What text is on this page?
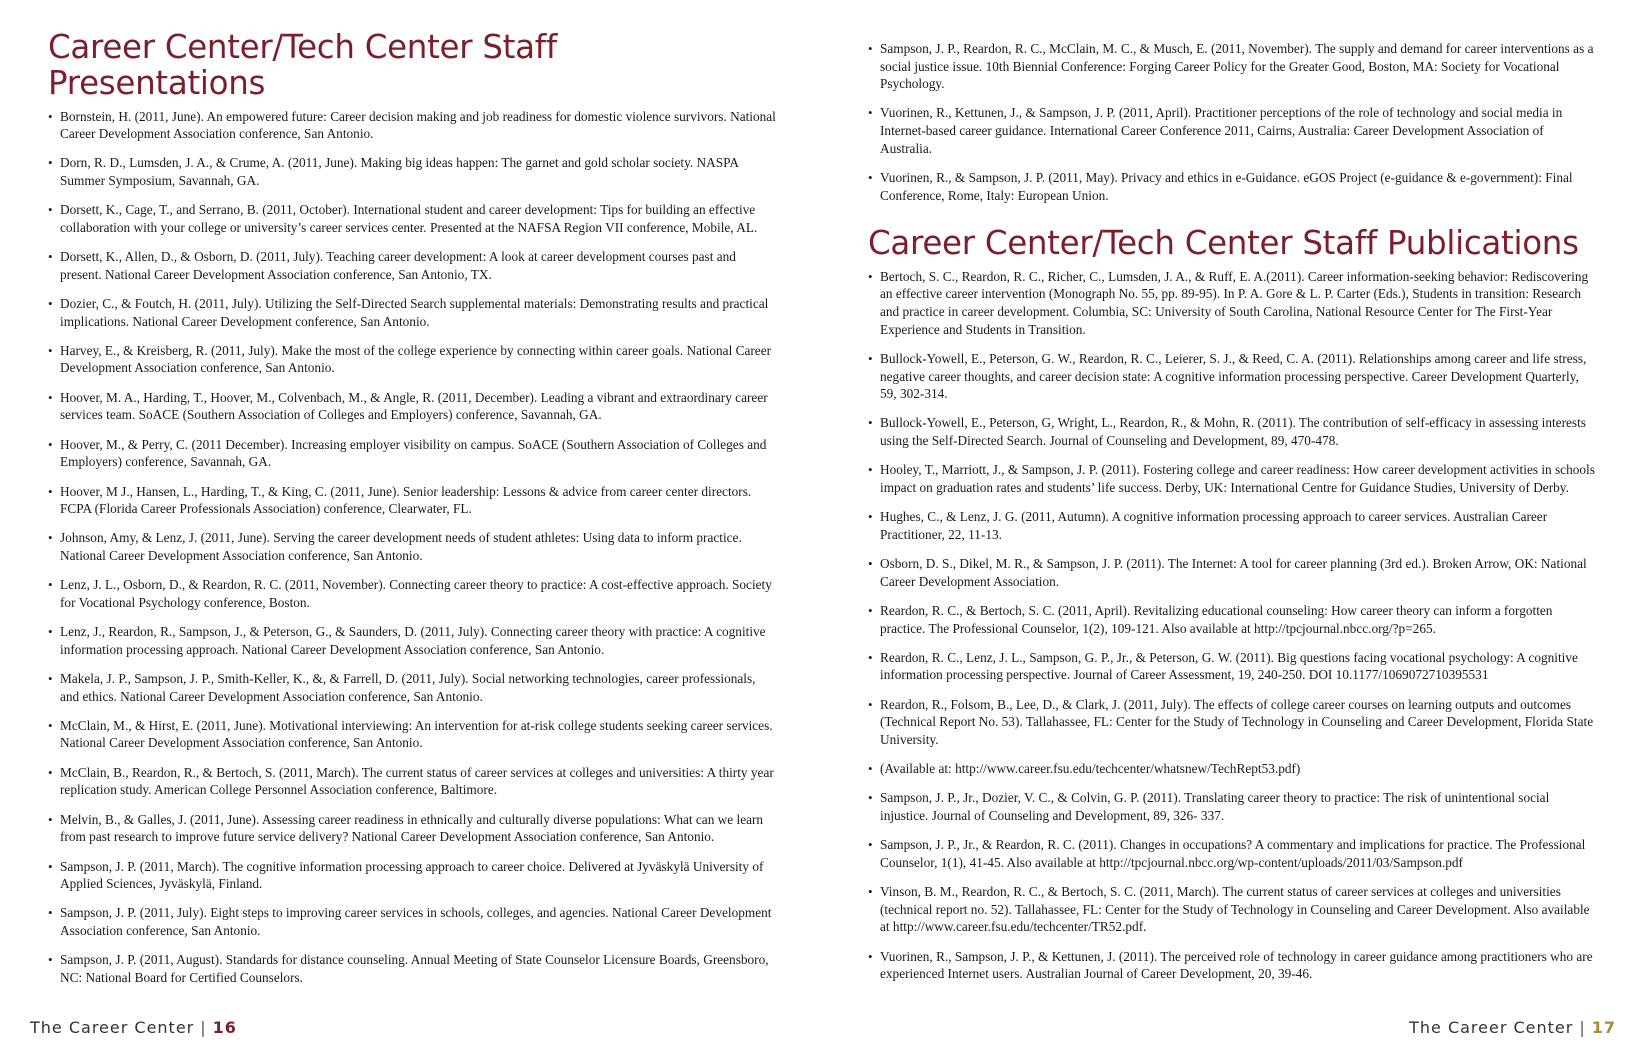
Career Center/Tech Center Staff Presentations
• Bornstein, H. (2011, June). An empowered future: Career decision making and job readiness for domestic violence survivors. National Career Development Association conference, San Antonio.
• Dorn, R. D., Lumsden, J. A., & Crume, A. (2011, June). Making big ideas happen: The garnet and gold scholar society. NASPA Summer Symposium, Savannah, GA.
• Dorsett, K., Cage, T., and Serrano, B. (2011, October). International student and career development: Tips for building an effective collaboration with your college or university’s career services center. Presented at the NAFSA Region VII conference, Mobile, AL.
• Dorsett, K., Allen, D., & Osborn, D. (2011, July). Teaching career development: A look at career development courses past and present. National Career Development Association conference, San Antonio, TX.
• Dozier, C., & Foutch, H. (2011, July). Utilizing the Self-Directed Search supplemental materials: Demonstrating results and practical implications. National Career Development conference, San Antonio.
• Harvey, E., & Kreisberg, R. (2011, July). Make the most of the college experience by connecting within career goals. National Career Development Association conference, San Antonio.
• Hoover, M. A., Harding, T., Hoover, M., Colvenbach, M., & Angle, R. (2011, December). Leading a vibrant and extraordinary career services team. SoACE (Southern Association of Colleges and Employers) conference, Savannah, GA.
• Hoover, M., & Perry, C. (2011 December). Increasing employer visibility on campus. SoACE (Southern Association of Colleges and Employers) conference, Savannah, GA.
• Hoover, M J., Hansen, L., Harding, T., & King, C. (2011, June). Senior leadership: Lessons & advice from career center directors. FCPA (Florida Career Professionals Association) conference, Clearwater, FL.
• Johnson, Amy, & Lenz, J. (2011, June). Serving the career development needs of student athletes: Using data to inform practice. National Career Development Association conference, San Antonio.
• Lenz, J. L., Osborn, D., & Reardon, R. C. (2011, November). Connecting career theory to practice: A cost-effective approach. Society for Vocational Psychology conference, Boston.
• Lenz, J., Reardon, R., Sampson, J., & Peterson, G., & Saunders, D. (2011, July). Connecting career theory with practice: A cognitive information processing approach. National Career Development Association conference, San Antonio.
• Makela, J. P., Sampson, J. P., Smith-Keller, K., &, & Farrell, D. (2011, July). Social networking technologies, career professionals, and ethics. National Career Development Association conference, San Antonio.
• McClain, M., & Hirst, E. (2011, June). Motivational interviewing: An intervention for at-risk college students seeking career services. National Career Development Association conference, San Antonio.
• McClain, B., Reardon, R., & Bertoch, S. (2011, March). The current status of career services at colleges and universities: A thirty year replication study. American College Personnel Association conference, Baltimore.
• Melvin, B., & Galles, J. (2011, June). Assessing career readiness in ethnically and culturally diverse populations: What can we learn from past research to improve future service delivery? National Career Development Association conference, San Antonio.
• Sampson, J. P. (2011, March). The cognitive information processing approach to career choice. Delivered at Jyväskylä University of Applied Sciences, Jyväskylä, Finland.
• Sampson, J. P. (2011, July). Eight steps to improving career services in schools, colleges, and agencies. National Career Development Association conference, San Antonio.
• Sampson, J. P. (2011, August). Standards for distance counseling. Annual Meeting of State Counselor Licensure Boards, Greensboro, NC: National Board for Certified Counselors.
• Sampson, J. P., Reardon, R. C., McClain, M. C., & Musch, E. (2011, November). The supply and demand for career interventions as a social justice issue. 10th Biennial Conference: Forging Career Policy for the Greater Good, Boston, MA: Society for Vocational Psychology.
• Vuorinen, R., Kettunen, J., & Sampson, J. P. (2011, April). Practitioner perceptions of the role of technology and social media in Internet-based career guidance. International Career Conference 2011, Cairns, Australia: Career Development Association of Australia.
• Vuorinen, R., & Sampson, J. P. (2011, May). Privacy and ethics in e-Guidance. eGOS Project (e-guidance & e-government): Final Conference, Rome, Italy: European Union.
Career Center/Tech Center Staff Publications
• Bertoch, S. C., Reardon, R. C., Richer, C., Lumsden, J. A., & Ruff, E. A.(2011). Career information-seeking behavior: Rediscovering an effective career intervention (Monograph No. 55, pp. 89-95). In P. A. Gore & L. P. Carter (Eds.), Students in transition: Research and practice in career development. Columbia, SC: University of South Carolina, National Resource Center for The First-Year Experience and Students in Transition.
• Bullock-Yowell, E., Peterson, G. W., Reardon, R. C., Leierer, S. J., & Reed, C. A. (2011). Relationships among career and life stress, negative career thoughts, and career decision state: A cognitive information processing perspective. Career Development Quarterly, 59, 302-314.
• Bullock-Yowell, E., Peterson, G, Wright, L., Reardon, R., & Mohn, R. (2011). The contribution of self-efficacy in assessing interests using the Self-Directed Search. Journal of Counseling and Development, 89, 470-478.
• Hooley, T., Marriott, J., & Sampson, J. P. (2011). Fostering college and career readiness: How career development activities in schools impact on graduation rates and students’ life success. Derby, UK: International Centre for Guidance Studies, University of Derby.
• Hughes, C., & Lenz, J. G. (2011, Autumn). A cognitive information processing approach to career services. Australian Career Practitioner, 22, 11-13.
• Osborn, D. S., Dikel, M. R., & Sampson, J. P. (2011). The Internet: A tool for career planning (3rd ed.). Broken Arrow, OK: National Career Development Association.
• Reardon, R. C., & Bertoch, S. C. (2011, April). Revitalizing educational counseling: How career theory can inform a forgotten practice. The Professional Counselor, 1(2), 109-121. Also available at http://tpcjournal.nbcc.org/?p=265.
• Reardon, R. C., Lenz, J. L., Sampson, G. P., Jr., & Peterson, G. W. (2011). Big questions facing vocational psychology: A cognitive information processing perspective. Journal of Career Assessment, 19, 240-250. DOI 10.1177/1069072710395531
• Reardon, R., Folsom, B., Lee, D., & Clark, J. (2011, July). The effects of college career courses on learning outputs and outcomes (Technical Report No. 53). Tallahassee, FL: Center for the Study of Technology in Counseling and Career Development, Florida State University.
• (Available at: http://www.career.fsu.edu/techcenter/whatsnew/TechRept53.pdf)
• Sampson, J. P., Jr., Dozier, V. C., & Colvin, G. P. (2011). Translating career theory to practice: The risk of unintentional social injustice. Journal of Counseling and Development, 89, 326- 337.
• Sampson, J. P., Jr., & Reardon, R. C. (2011). Changes in occupations? A commentary and implications for practice. The Professional Counselor, 1(1), 41-45. Also available at http://tpcjournal.nbcc.org/wp-content/uploads/2011/03/Sampson.pdf
• Vinson, B. M., Reardon, R. C., & Bertoch, S. C. (2011, March). The current status of career services at colleges and universities (technical report no. 52). Tallahassee, FL: Center for the Study of Technology in Counseling and Career Development. Also available at http://www.career.fsu.edu/techcenter/TR52.pdf.
• Vuorinen, R., Sampson, J. P., & Kettunen, J. (2011). The perceived role of technology in career guidance among practitioners who are experienced Internet users. Australian Journal of Career Development, 20, 39-46.
The Career Center | 16	The Career Center | 17
